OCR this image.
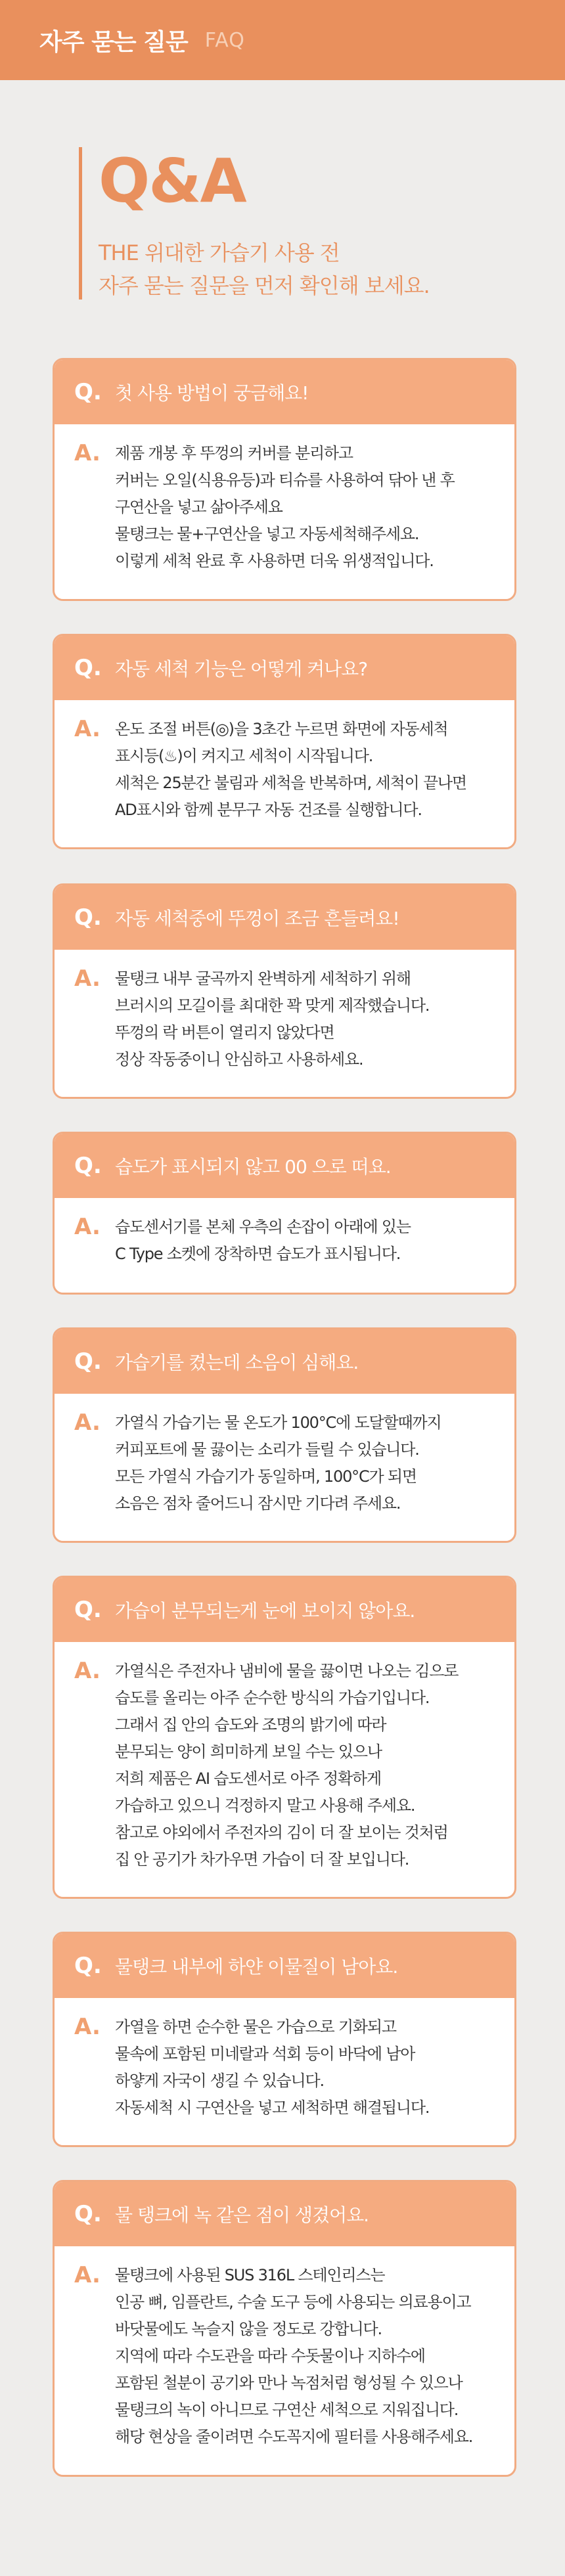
자주 묻는 질문 FAQ
Q&A
THE 위대한 가습기 사용 전
자주 묻는 질문을 먼저 확인해 보세요.
Q. 첫 사용 방법이 궁금해요!
A. 제품 개봉 후 뚜껑의 커버를 분리하고
커버는 오일(식용유등)과 티슈를 사용하여 닦아 낸 후
구연산을 넣고 삶아주세요
물탱크는 물+구연산을 넣고 자동세척해주세요.
이렇게 세척 완료 후 사용하면 더욱 위생적입니다.
Q. 자동 세척 기능은 어떻게 켜나요?
A. 온도 조절 버튼(◎)을 3초간 누르면 화면에 자동세척
표시등(♨)이 켜지고 세척이 시작됩니다.
세척은 25분간 불림과 세척을 반복하며, 세척이 끝나면
AD표시와 함께 분무구 자동 건조를 실행합니다.
Q. 자동 세척중에 뚜껑이 조금 흔들려요!
A. 물탱크 내부 굴곡까지 완벽하게 세척하기 위해
브러시의 모길이를 최대한 꽉 맞게 제작했습니다.
뚜껑의 락 버튼이 열리지 않았다면
정상 작동중이니 안심하고 사용하세요.
Q. 습도가 표시되지 않고 00 으로 떠요.
A. 습도센서기를 본체 우측의 손잡이 아래에 있는
C Type 소켓에 장착하면 습도가 표시됩니다.
Q. 가습기를 켰는데 소음이 심해요.
A. 가열식 가습기는 물 온도가 100°C에 도달할때까지
커피포트에 물 끓이는 소리가 들릴 수 있습니다.
모든 가열식 가습기가 동일하며, 100°C가 되면
소음은 점차 줄어드니 잠시만 기다려 주세요.
Q. 가습이 분무되는게 눈에 보이지 않아요.
A. 가열식은 주전자나 냄비에 물을 끓이면 나오는 김으로
습도를 올리는 아주 순수한 방식의 가습기입니다.
그래서 집 안의 습도와 조명의 밝기에 따라
분무되는 양이 희미하게 보일 수는 있으나
저희 제품은 AI 습도센서로 아주 정확하게
가습하고 있으니 걱정하지 말고 사용해 주세요.
참고로 야외에서 주전자의 김이 더 잘 보이는 것처럼
집 안 공기가 차가우면 가습이 더 잘 보입니다.
Q. 물탱크 내부에 하얀 이물질이 남아요.
A. 가열을 하면 순수한 물은 가습으로 기화되고
물속에 포함된 미네랄과 석회 등이 바닥에 남아
하얗게 자국이 생길 수 있습니다.
자동세척 시 구연산을 넣고 세척하면 해결됩니다.
Q. 물 탱크에 녹 같은 점이 생겼어요.
A. 물탱크에 사용된 SUS 316L 스테인리스는
인공 뼈, 임플란트, 수술 도구 등에 사용되는 의료용이고
바닷물에도 녹슬지 않을 정도로 강합니다.
지역에 따라 수도관을 따라 수돗물이나 지하수에
포함된 철분이 공기와 만나 녹점처럼 형성될 수 있으나
물탱크의 녹이 아니므로 구연산 세척으로 지워집니다.
해당 현상을 줄이려면 수도꼭지에 필터를 사용해주세요.
